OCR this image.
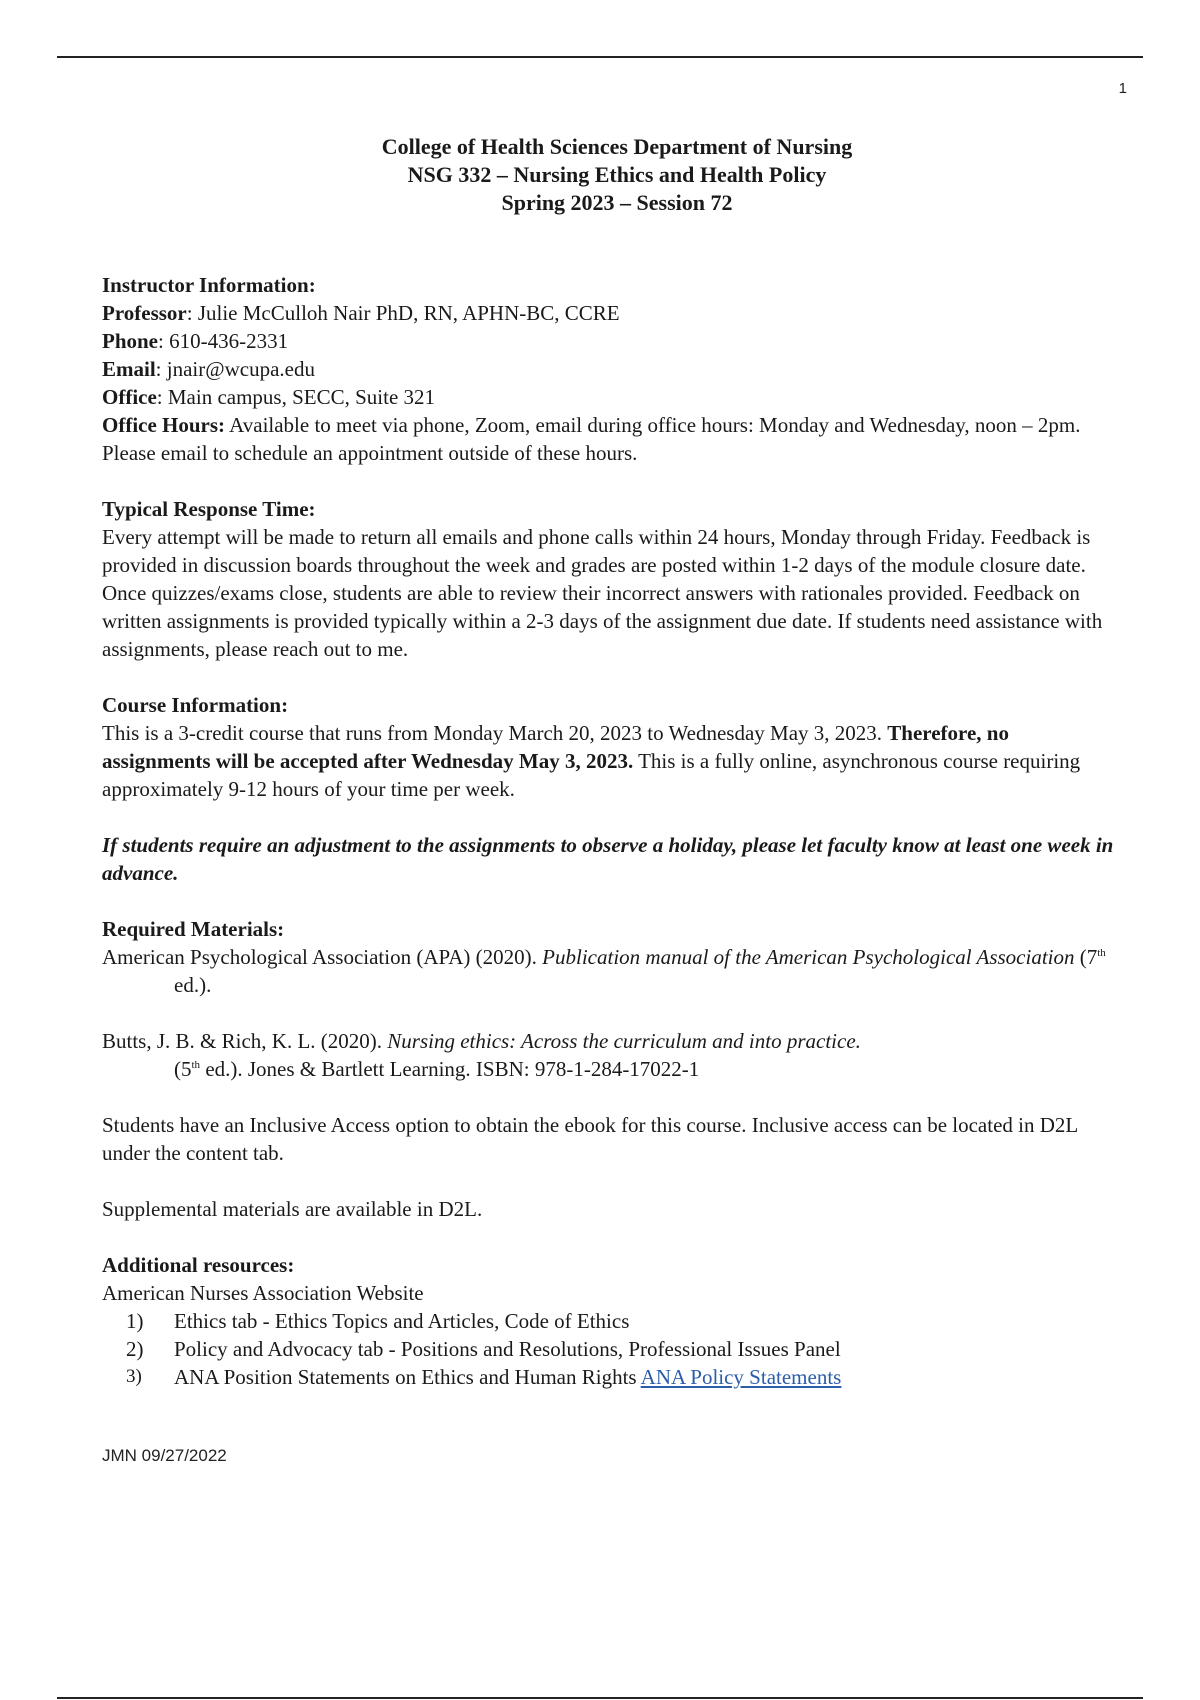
1
College of Health Sciences Department of Nursing
NSG 332 – Nursing Ethics and Health Policy
Spring 2023 – Session 72

Instructor Information:

Professor: Julie McCulloh Nair PhD, RN, APHN-BC, CCRE

Phone: 610-436-2331

Email: jnair@wcupa.edu

Office: Main campus, SECC, Suite 321

Office Hours: Available to meet via phone, Zoom, email during office hours: Monday and Wednesday, noon – 2pm. Please email to schedule an appointment outside of these hours.

Typical Response Time:

Every attempt will be made to return all emails and phone calls within 24 hours, Monday through Friday. Feedback is provided in discussion boards throughout the week and grades are posted within 1-2 days of the module closure date. Once quizzes/exams close, students are able to review their incorrect answers with rationales provided. Feedback on written assignments is provided typically within a 2-3 days of the assignment due date. If students need assistance with assignments, please reach out to me.

Course Information:

This is a 3-credit course that runs from Monday March 20, 2023 to Wednesday May 3, 2023. Therefore, no assignments will be accepted after Wednesday May 3, 2023. This is a fully online, asynchronous course requiring approximately 9-12 hours of your time per week.

If students require an adjustment to the assignments to observe a holiday, please let faculty know at least one week in advance.

Required Materials:

American Psychological Association (APA) (2020). Publication manual of the American Psychological Association (7th ed.).

Butts, J. B. & Rich, K. L. (2020). Nursing ethics: Across the curriculum and into practice.

(5th ed.). Jones & Bartlett Learning. ISBN: 978-1-284-17022-1

Students have an Inclusive Access option to obtain the ebook for this course. Inclusive access can be located in D2L under the content tab.

Supplemental materials are available in D2L.

Additional resources:

American Nurses Association Website

1) Ethics tab - Ethics Topics and Articles, Code of Ethics
2) Policy and Advocacy tab - Positions and Resolutions, Professional Issues Panel
3) ANA Position Statements on Ethics and Human Rights ANA Policy Statements
JMN 09/27/2022
